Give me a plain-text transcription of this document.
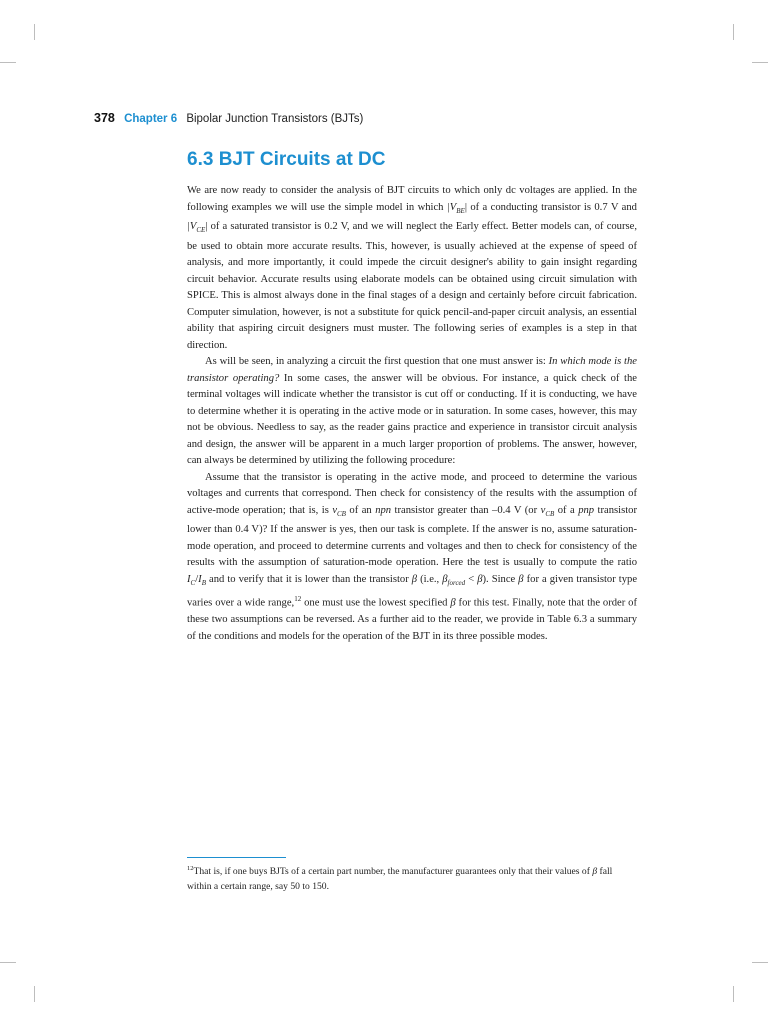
378 Chapter 6 Bipolar Junction Transistors (BJTs)
6.3 BJT Circuits at DC

We are now ready to consider the analysis of BJT circuits to which only dc voltages are applied. In the following examples we will use the simple model in which $|V_{BE}|$ of a conducting transistor is 0.7 V and $|V_{CE}|$ of a saturated transistor is 0.2 V, and we will neglect the Early effect. Better models can, of course, be used to obtain more accurate results. This, however, is usually achieved at the expense of speed of analysis, and more importantly, it could impede the circuit designer's ability to gain insight regarding circuit behavior. Accurate results using elaborate models can be obtained using circuit simulation with SPICE. This is almost always done in the final stages of a design and certainly before circuit fabrication. Computer simulation, however, is not a substitute for quick pencil-and-paper circuit analysis, an essential ability that aspiring circuit designers must muster. The following series of examples is a step in that direction.

As will be seen, in analyzing a circuit the first question that one must answer is: In which mode is the transistor operating? In some cases, the answer will be obvious. For instance, a quick check of the terminal voltages will indicate whether the transistor is cut off or conducting. If it is conducting, we have to determine whether it is operating in the active mode or in saturation. In some cases, however, this may not be obvious. Needless to say, as the reader gains practice and experience in transistor circuit analysis and design, the answer will be apparent in a much larger proportion of problems. The answer, however, can always be determined by utilizing the following procedure:

Assume that the transistor is operating in the active mode, and proceed to determine the various voltages and currents that correspond. Then check for consistency of the results with the assumption of active-mode operation; that is, is $v_{CB}$ of an npn transistor greater than –0.4 V (or $v_{CB}$ of a pnp transistor lower than 0.4 V)? If the answer is yes, then our task is complete. If the answer is no, assume saturation-mode operation, and proceed to determine currents and voltages and then to check for consistency of the results with the assumption of saturation-mode operation. Here the test is usually to compute the ratio $I_C/I_B$ and to verify that it is lower than the transistor β (i.e., $\beta_{forced} < \beta$). Since β for a given transistor type varies over a wide range,$^{12}$ one must use the lowest specified β for this test. Finally, note that the order of these two assumptions can be reversed. As a further aid to the reader, we provide in Table 6.3 a summary of the conditions and models for the operation of the BJT in its three possible modes.

$^{12}$That is, if one buys BJTs of a certain part number, the manufacturer guarantees only that their values of β fall within a certain range, say 50 to 150.
